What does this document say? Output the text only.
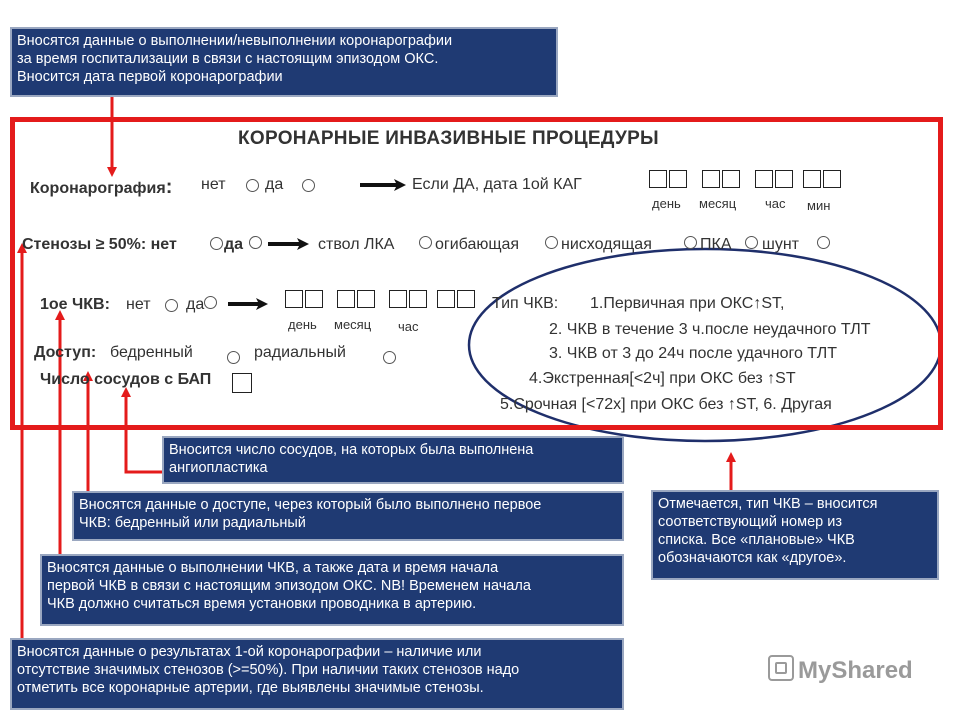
Вносятся данные о выполнении/невыполнении коронарографии
за время госпитализации в связи с настоящим эпизодом ОКС.
Вносится дата первой коронарографии
КОРОНАРНЫЕ ИНВАЗИВНЫЕ ПРОЦЕДУРЫ
Коронарография: нет да	Если ДА, дата 1ой КАГ
день месяц час мин
Стенозы ≥ 50%: нет	да	ствол ЛКА	огибающая	нисходящая	ПКА шунт
1ое ЧКВ: нет да
день месяц час
Доступ: бедренный	радиальный
Число сосудов с БАП
Тип ЧКВ: 1.Первичная при ОКС↑ST,
2. ЧКВ в течение 3 ч.после неудачного ТЛТ
3. ЧКВ от 3 до 24ч после удачного ТЛТ
4.Экстренная[<2ч] при ОКС без ↑ST
5.Срочная [<72х] при ОКС без ↑ST, 6. Другая
Вносится число сосудов, на которых была выполнена
ангиопластика
Вносятся данные о доступе, через который было выполнено первое
ЧКВ: бедренный или радиальный
Вносятся данные о выполнении ЧКВ, а также дата и время начала
первой ЧКВ в связи с настоящим эпизодом ОКС. NB! Временем начала
ЧКВ должно считаться время установки проводника в артерию.
Вносятся данные о результатах 1-ой коронарографии – наличие или
отсутствие значимых стенозов (>=50%). При наличии таких стенозов надо
отметить все коронарные артерии, где выявлены значимые стенозы.
Отмечается, тип ЧКВ – вносится
соответствующий номер из
списка. Все «плановые» ЧКВ
обозначаются как «другое».
MyShared
